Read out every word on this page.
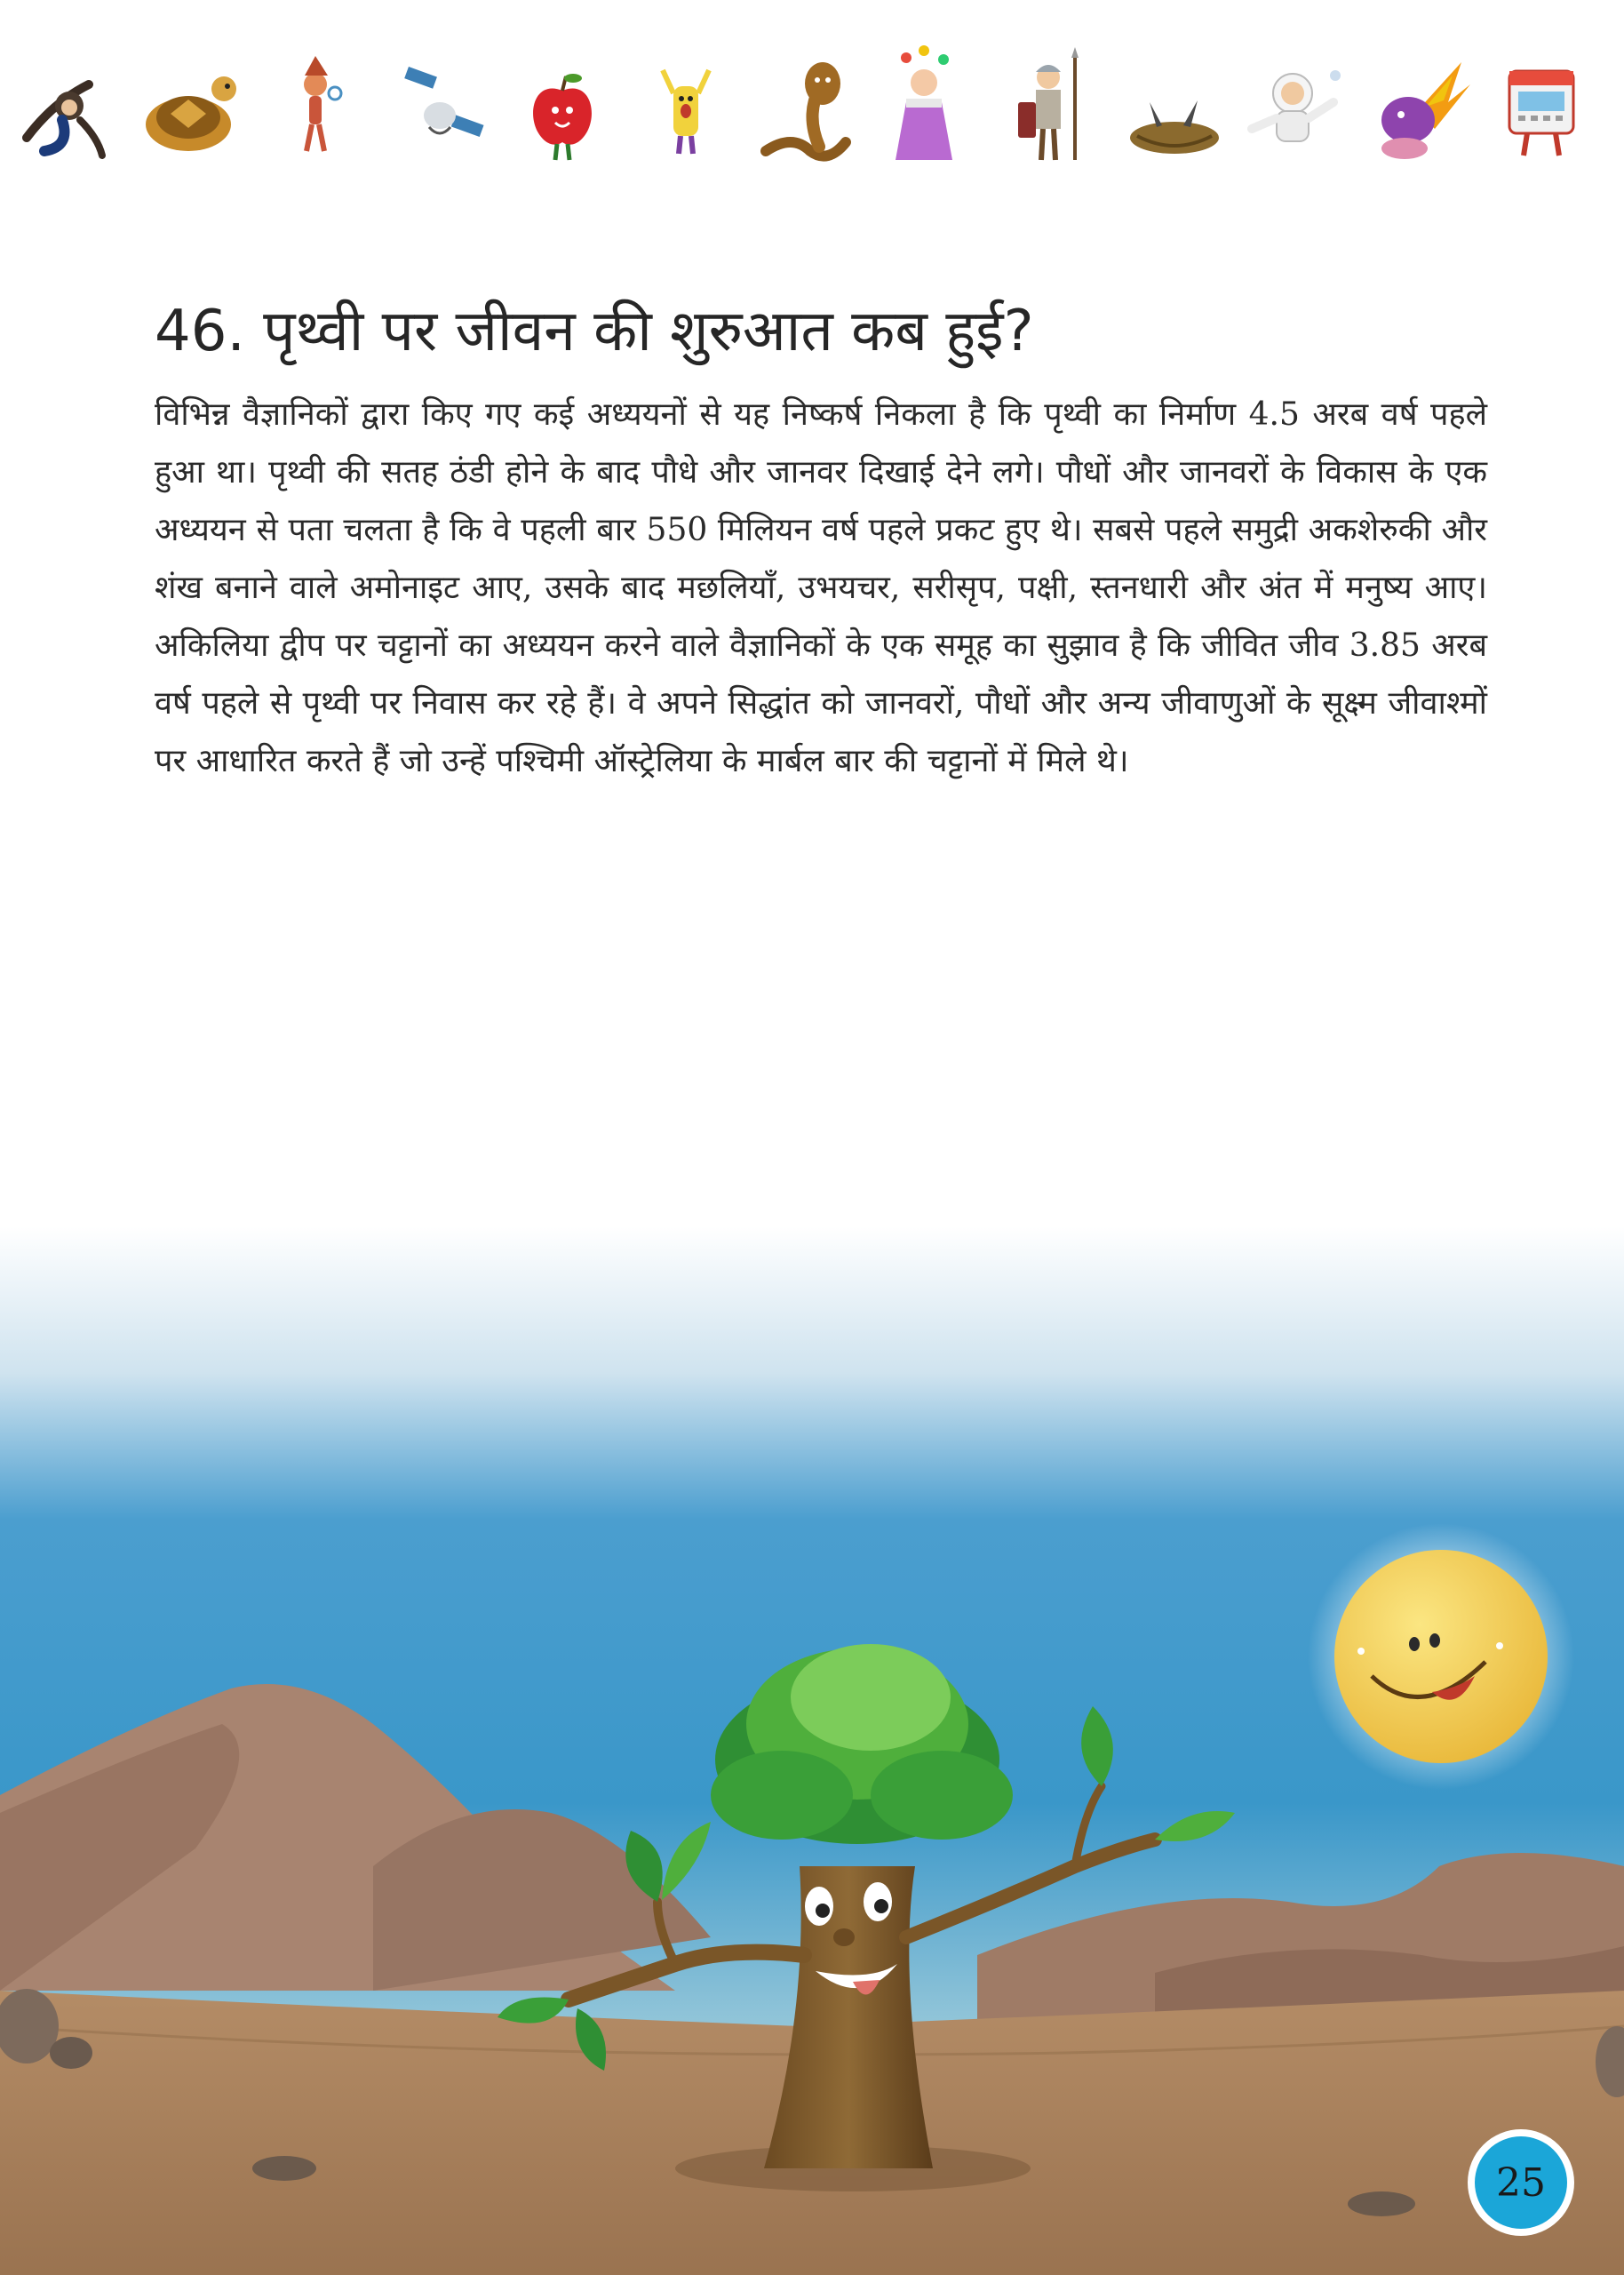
46. पृथ्वी पर जीवन की शुरुआत कब हुई?

विभिन्न वैज्ञानिकों द्वारा किए गए कई अध्ययनों से यह निष्कर्ष निकला है कि पृथ्वी का निर्माण 4.5 अरब वर्ष पहले हुआ था। पृथ्वी की सतह ठंडी होने के बाद पौधे और जानवर दिखाई देने लगे। पौधों और जानवरों के विकास के एक अध्ययन से पता चलता है कि वे पहली बार 550 मिलियन वर्ष पहले प्रकट हुए थे। सबसे पहले समुद्री अकशेरुकी और शंख बनाने वाले अमोनाइट आए, उसके बाद मछलियाँ, उभयचर, सरीसृप, पक्षी, स्तनधारी और अंत में मनुष्य आए। अकिलिया द्वीप पर चट्टानों का अध्ययन करने वाले वैज्ञानिकों के एक समूह का सुझाव है कि जीवित जीव 3.85 अरब वर्ष पहले से पृथ्वी पर निवास कर रहे हैं। वे अपने सिद्धांत को जानवरों, पौधों और अन्य जीवाणुओं के सूक्ष्म जीवाश्मों पर आधारित करते हैं जो उन्हें पश्चिमी ऑस्ट्रेलिया के मार्बल बार की चट्टानों में मिले थे।

25
